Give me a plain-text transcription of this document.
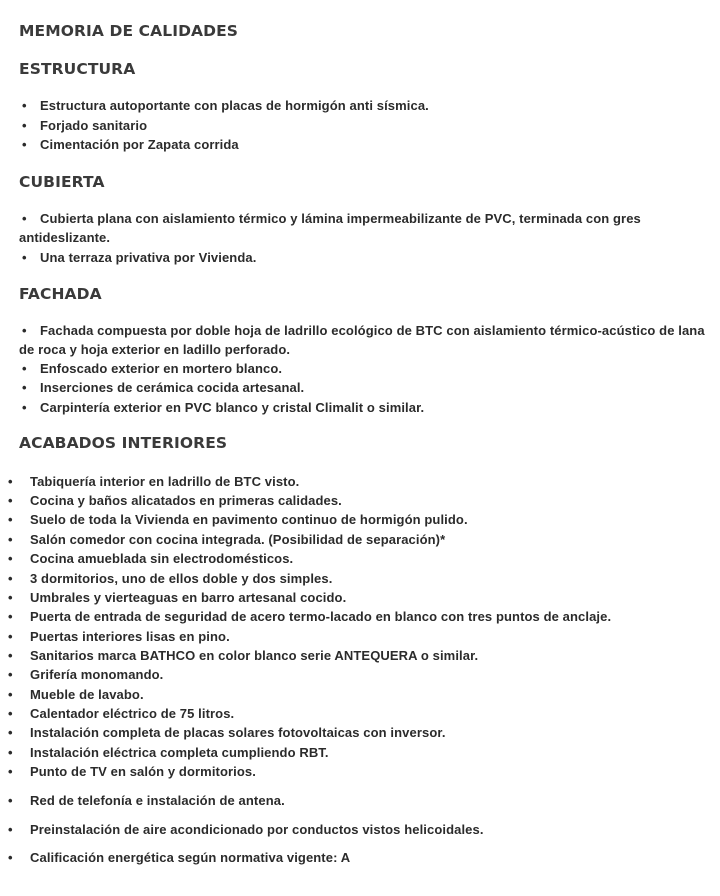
MEMORIA DE CALIDADES
ESTRUCTURA
• Estructura autoportante con placas de hormigón anti sísmica.
• Forjado sanitario
• Cimentación por Zapata corrida
CUBIERTA
•	Cubierta plana con aislamiento térmico y lámina impermeabilizante de PVC, terminada con gres
antideslizante.
• Una terraza privativa por Vivienda.
FACHADA
•	Fachada compuesta por doble hoja de ladrillo ecológico de BTC con aislamiento térmico-acústico de lana
de roca y hoja exterior en ladillo perforado.
• Enfoscado exterior en mortero blanco.
• Inserciones de cerámica cocida artesanal.
• Carpintería exterior en PVC blanco y cristal Climalit o similar.
ACABADOS INTERIORES
• Tabiquería interior en ladrillo de BTC visto.
• Cocina y baños alicatados en primeras calidades.
• Suelo de toda la Vivienda en pavimento continuo de hormigón pulido.
• Salón comedor con cocina integrada. (Posibilidad de separación)*
• Cocina amueblada sin electrodomésticos.
• 3 dormitorios, uno de ellos doble y dos simples.
• Umbrales y vierteaguas en barro artesanal cocido.
• Puerta de entrada de seguridad de acero termo-lacado en blanco con tres puntos de anclaje.
• Puertas interiores lisas en pino.
• Sanitarios marca BATHCO en color blanco serie ANTEQUERA o similar.
• Grifería monomando.
• Mueble de lavabo.
• Calentador eléctrico de 75 litros.
• Instalación completa de placas solares fotovoltaicas con inversor.
• Instalación eléctrica completa cumpliendo RBT.
• Punto de TV en salón y dormitorios.
• Red de telefonía e instalación de antena.
• Preinstalación de aire acondicionado por conductos vistos helicoidales.
• Calificación energética según normativa vigente: A
